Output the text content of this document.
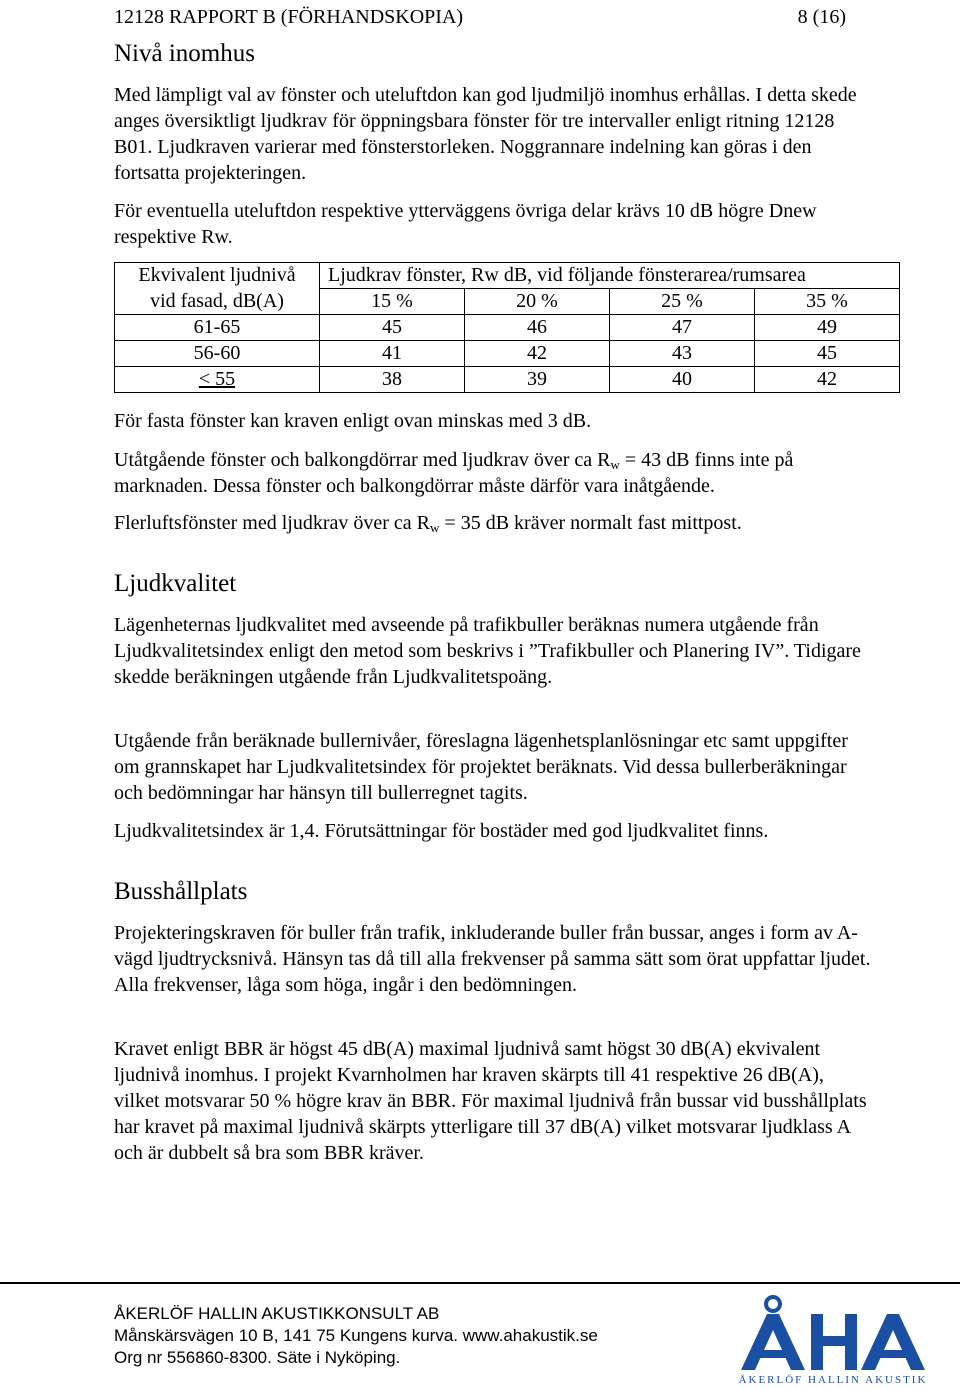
12128 RAPPORT B (FÖRHANDSKOPIA)	8 (16)
Nivå inomhus

Med lämpligt val av fönster och uteluftdon kan god ljudmiljö inomhus erhållas. I detta skede anges översiktligt ljudkrav för öppningsbara fönster för tre intervaller enligt ritning 12128 B01. Ljudkraven varierar med fönsterstorleken. Noggrannare indelning kan göras i den fortsatta projekteringen.

För eventuella uteluftdon respektive ytterväggens övriga delar krävs 10 dB högre Dnew respektive Rw.

Ekvivalent ljudnivå	Ljudkrav fönster, Rw dB, vid följande fönsterarea/rumsarea			
vid fasad, dB(A)	15 %	20 %	25 %	35 %
61-65	45	46	47	49
56-60	41	42	43	45
< 55	38	39	40	42

För fasta fönster kan kraven enligt ovan minskas med 3 dB.

Utåtgående fönster och balkongdörrar med ljudkrav över ca $R_w = 43$ dB finns inte på marknaden. Dessa fönster och balkongdörrar måste därför vara inåtgående.

Flerluftsfönster med ljudkrav över ca $R_w = 35$ dB kräver normalt fast mittpost.

Ljudkvalitet

Lägenheternas ljudkvalitet med avseende på trafikbuller beräknas numera utgående från Ljudkvalitetsindex enligt den metod som beskrivs i ”Trafikbuller och Planering IV”. Tidigare skedde beräkningen utgående från Ljudkvalitetspoäng.

Utgående från beräknade bullernivåer, föreslagna lägenhetsplanlösningar etc samt uppgifter om grannskapet har Ljudkvalitetsindex för projektet beräknats. Vid dessa bullerberäkningar och bedömningar har hänsyn till bullerregnet tagits.

Ljudkvalitetsindex är 1,4. Förutsättningar för bostäder med god ljudkvalitet finns.

Busshållplats

Projekteringskraven för buller från trafik, inkluderande buller från bussar, anges i form av A-vägd ljudtrycksnivå. Hänsyn tas då till alla frekvenser på samma sätt som örat uppfattar ljudet. Alla frekvenser, låga som höga, ingår i den bedömningen.

Kravet enligt BBR är högst 45 dB(A) maximal ljudnivå samt högst 30 dB(A) ekvivalent ljudnivå inomhus. I projekt Kvarnholmen har kraven skärpts till 41 respektive 26 dB(A), vilket motsvarar 50 % högre krav än BBR. För maximal ljudnivå från bussar vid busshållplats har kravet på maximal ljudnivå skärpts ytterligare till 37 dB(A) vilket motsvarar ljudklass A och är dubbelt så bra som BBR kräver.

ÅKERLÖF HALLIN AKUSTIKKONSULT AB
Månskärsvägen 10 B, 141 75 Kungens kurva. www.ahakustik.se
Org nr 556860-8300. Säte i Nyköping.
ÅKERLÖF HALLIN AKUSTIK
